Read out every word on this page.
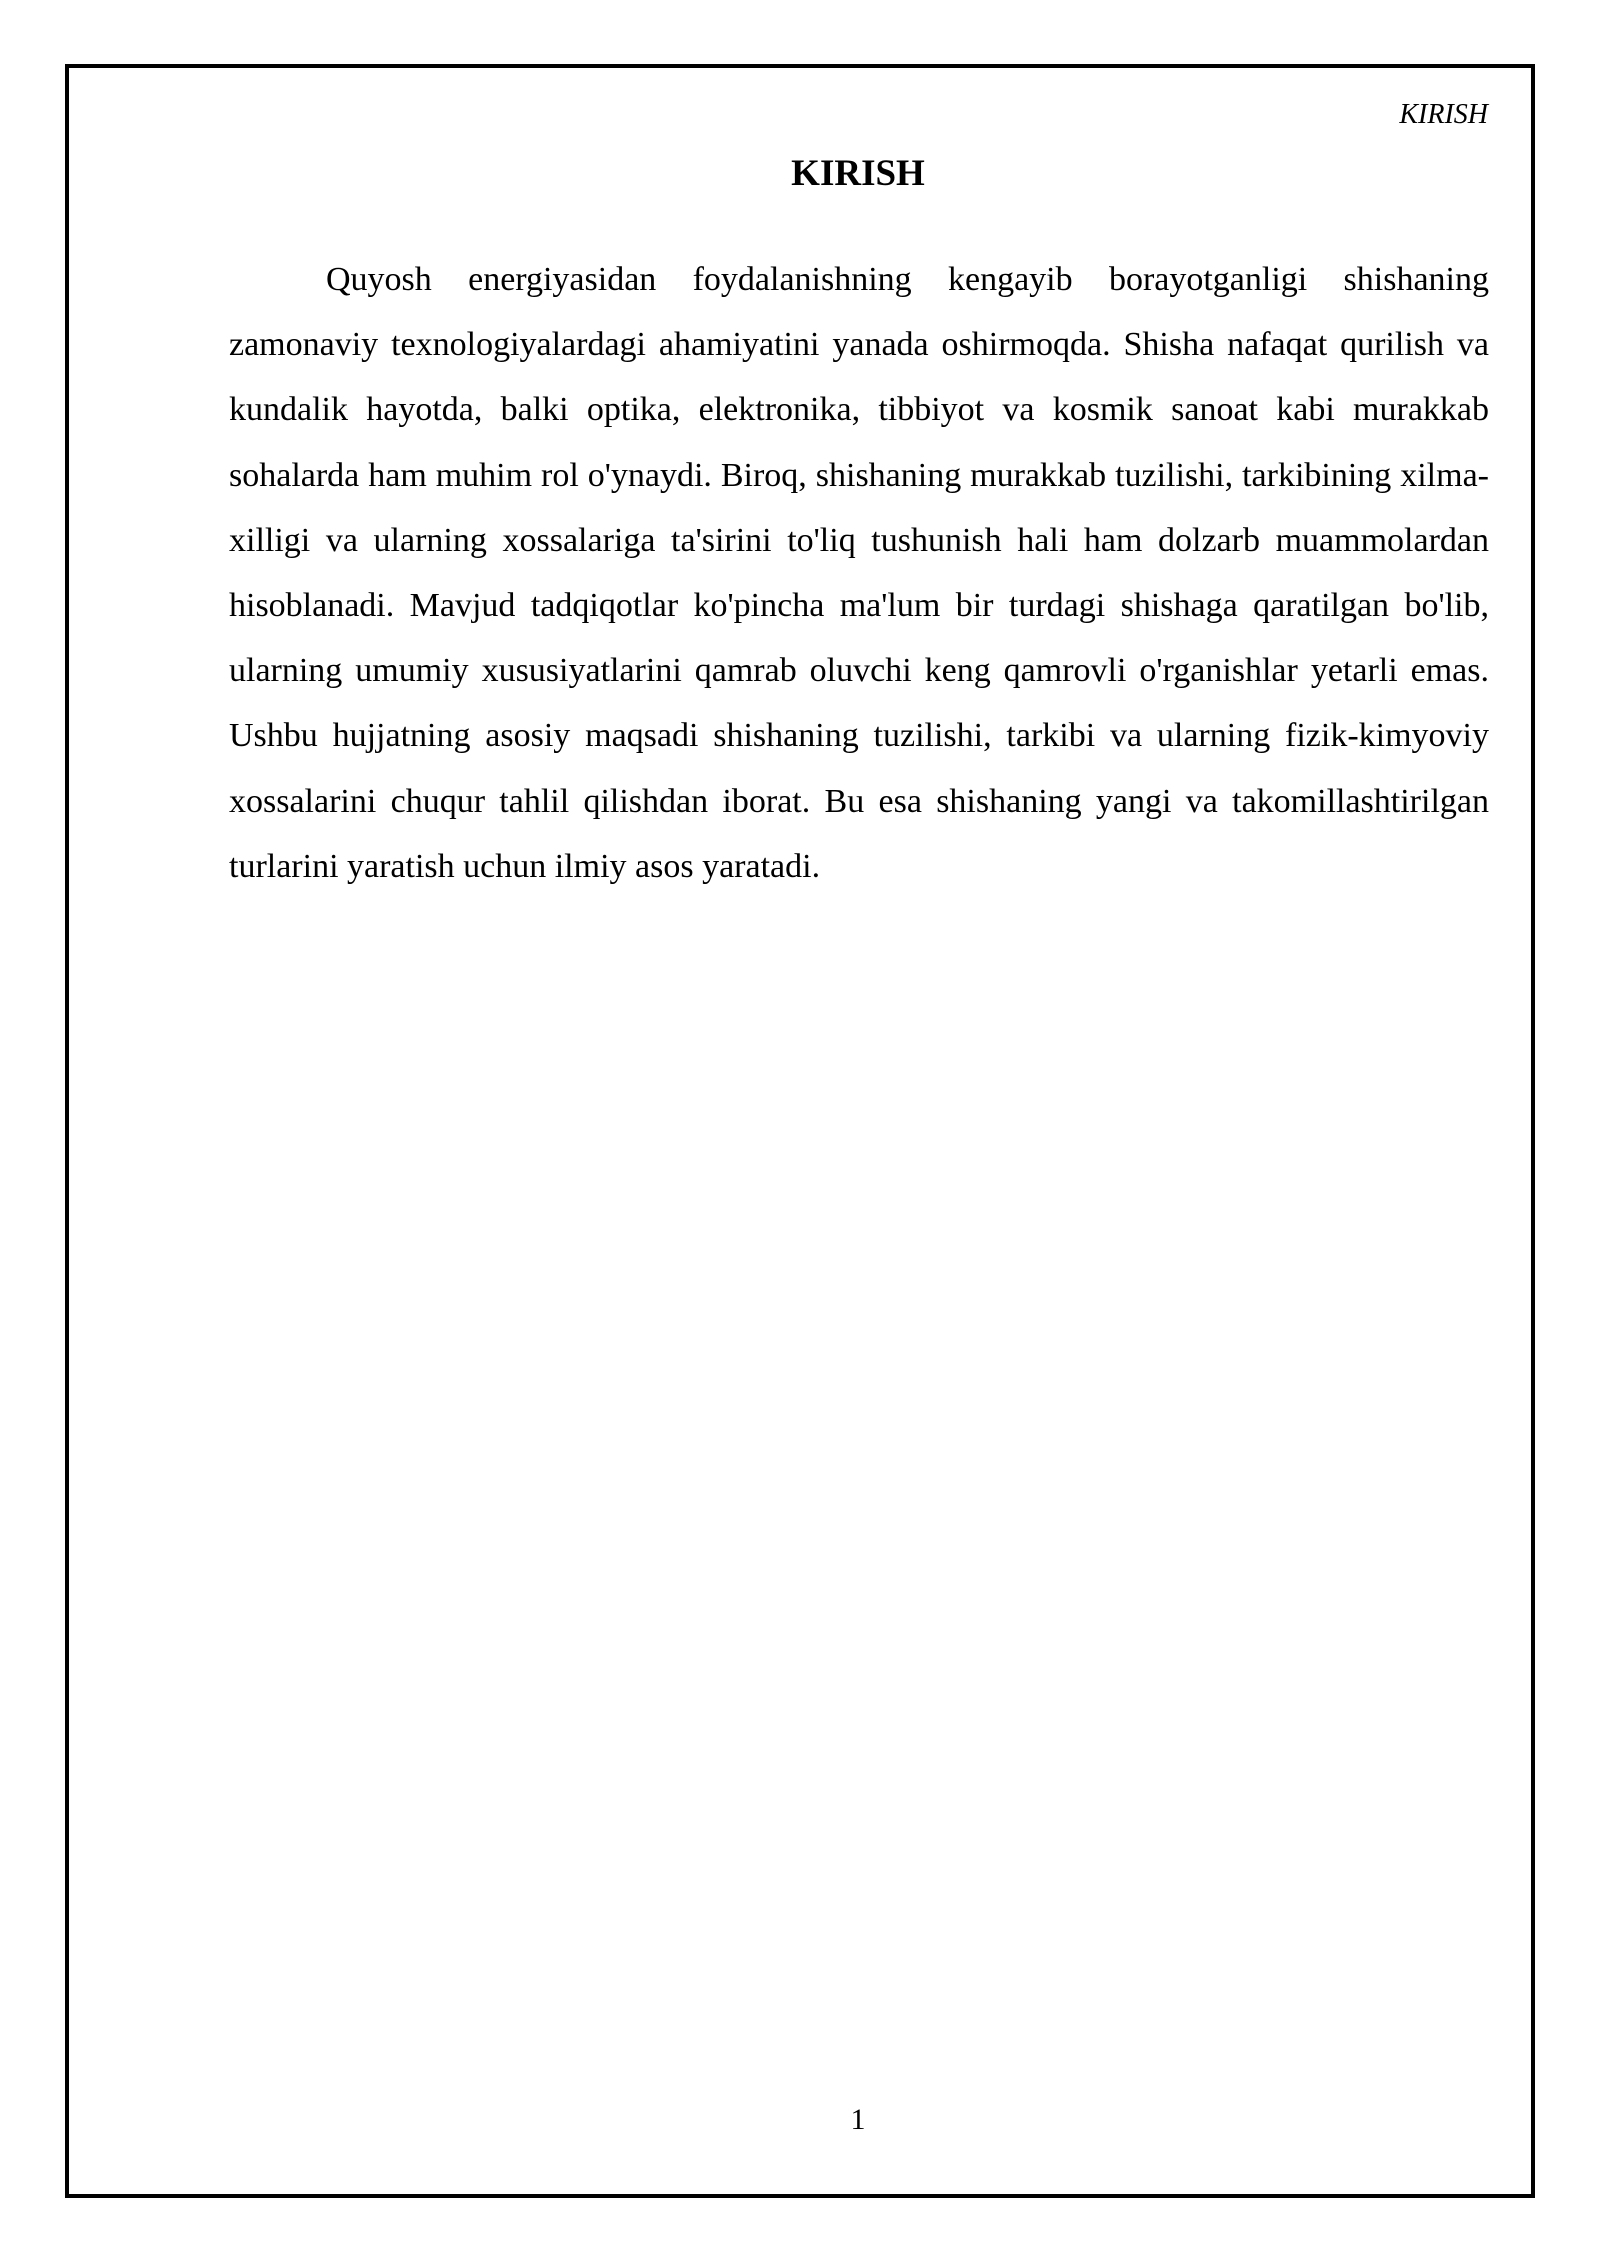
KIRISH
KIRISH

Quyosh energiyasidan foydalanishning kengayib borayotganligi shishaning zamonaviy texnologiyalardagi ahamiyatini yanada oshirmoqda. Shisha nafaqat qurilish va kundalik hayotda, balki optika, elektronika, tibbiyot va kosmik sanoat kabi murakkab sohalarda ham muhim rol o'ynaydi. Biroq, shishaning murakkab tuzilishi, tarkibining xilma-xilligi va ularning xossalariga ta'sirini to'liq tushunish hali ham dolzarb muammolardan hisoblanadi. Mavjud tadqiqotlar ko'pincha ma'lum bir turdagi shishaga qaratilgan bo'lib, ularning umumiy xususiyatlarini qamrab oluvchi keng qamrovli o'rganishlar yetarli emas. Ushbu hujjatning asosiy maqsadi shishaning tuzilishi, tarkibi va ularning fizik-kimyoviy xossalarini chuqur tahlil qilishdan iborat. Bu esa shishaning yangi va takomillashtirilgan turlarini yaratish uchun ilmiy asos yaratadi.

1
